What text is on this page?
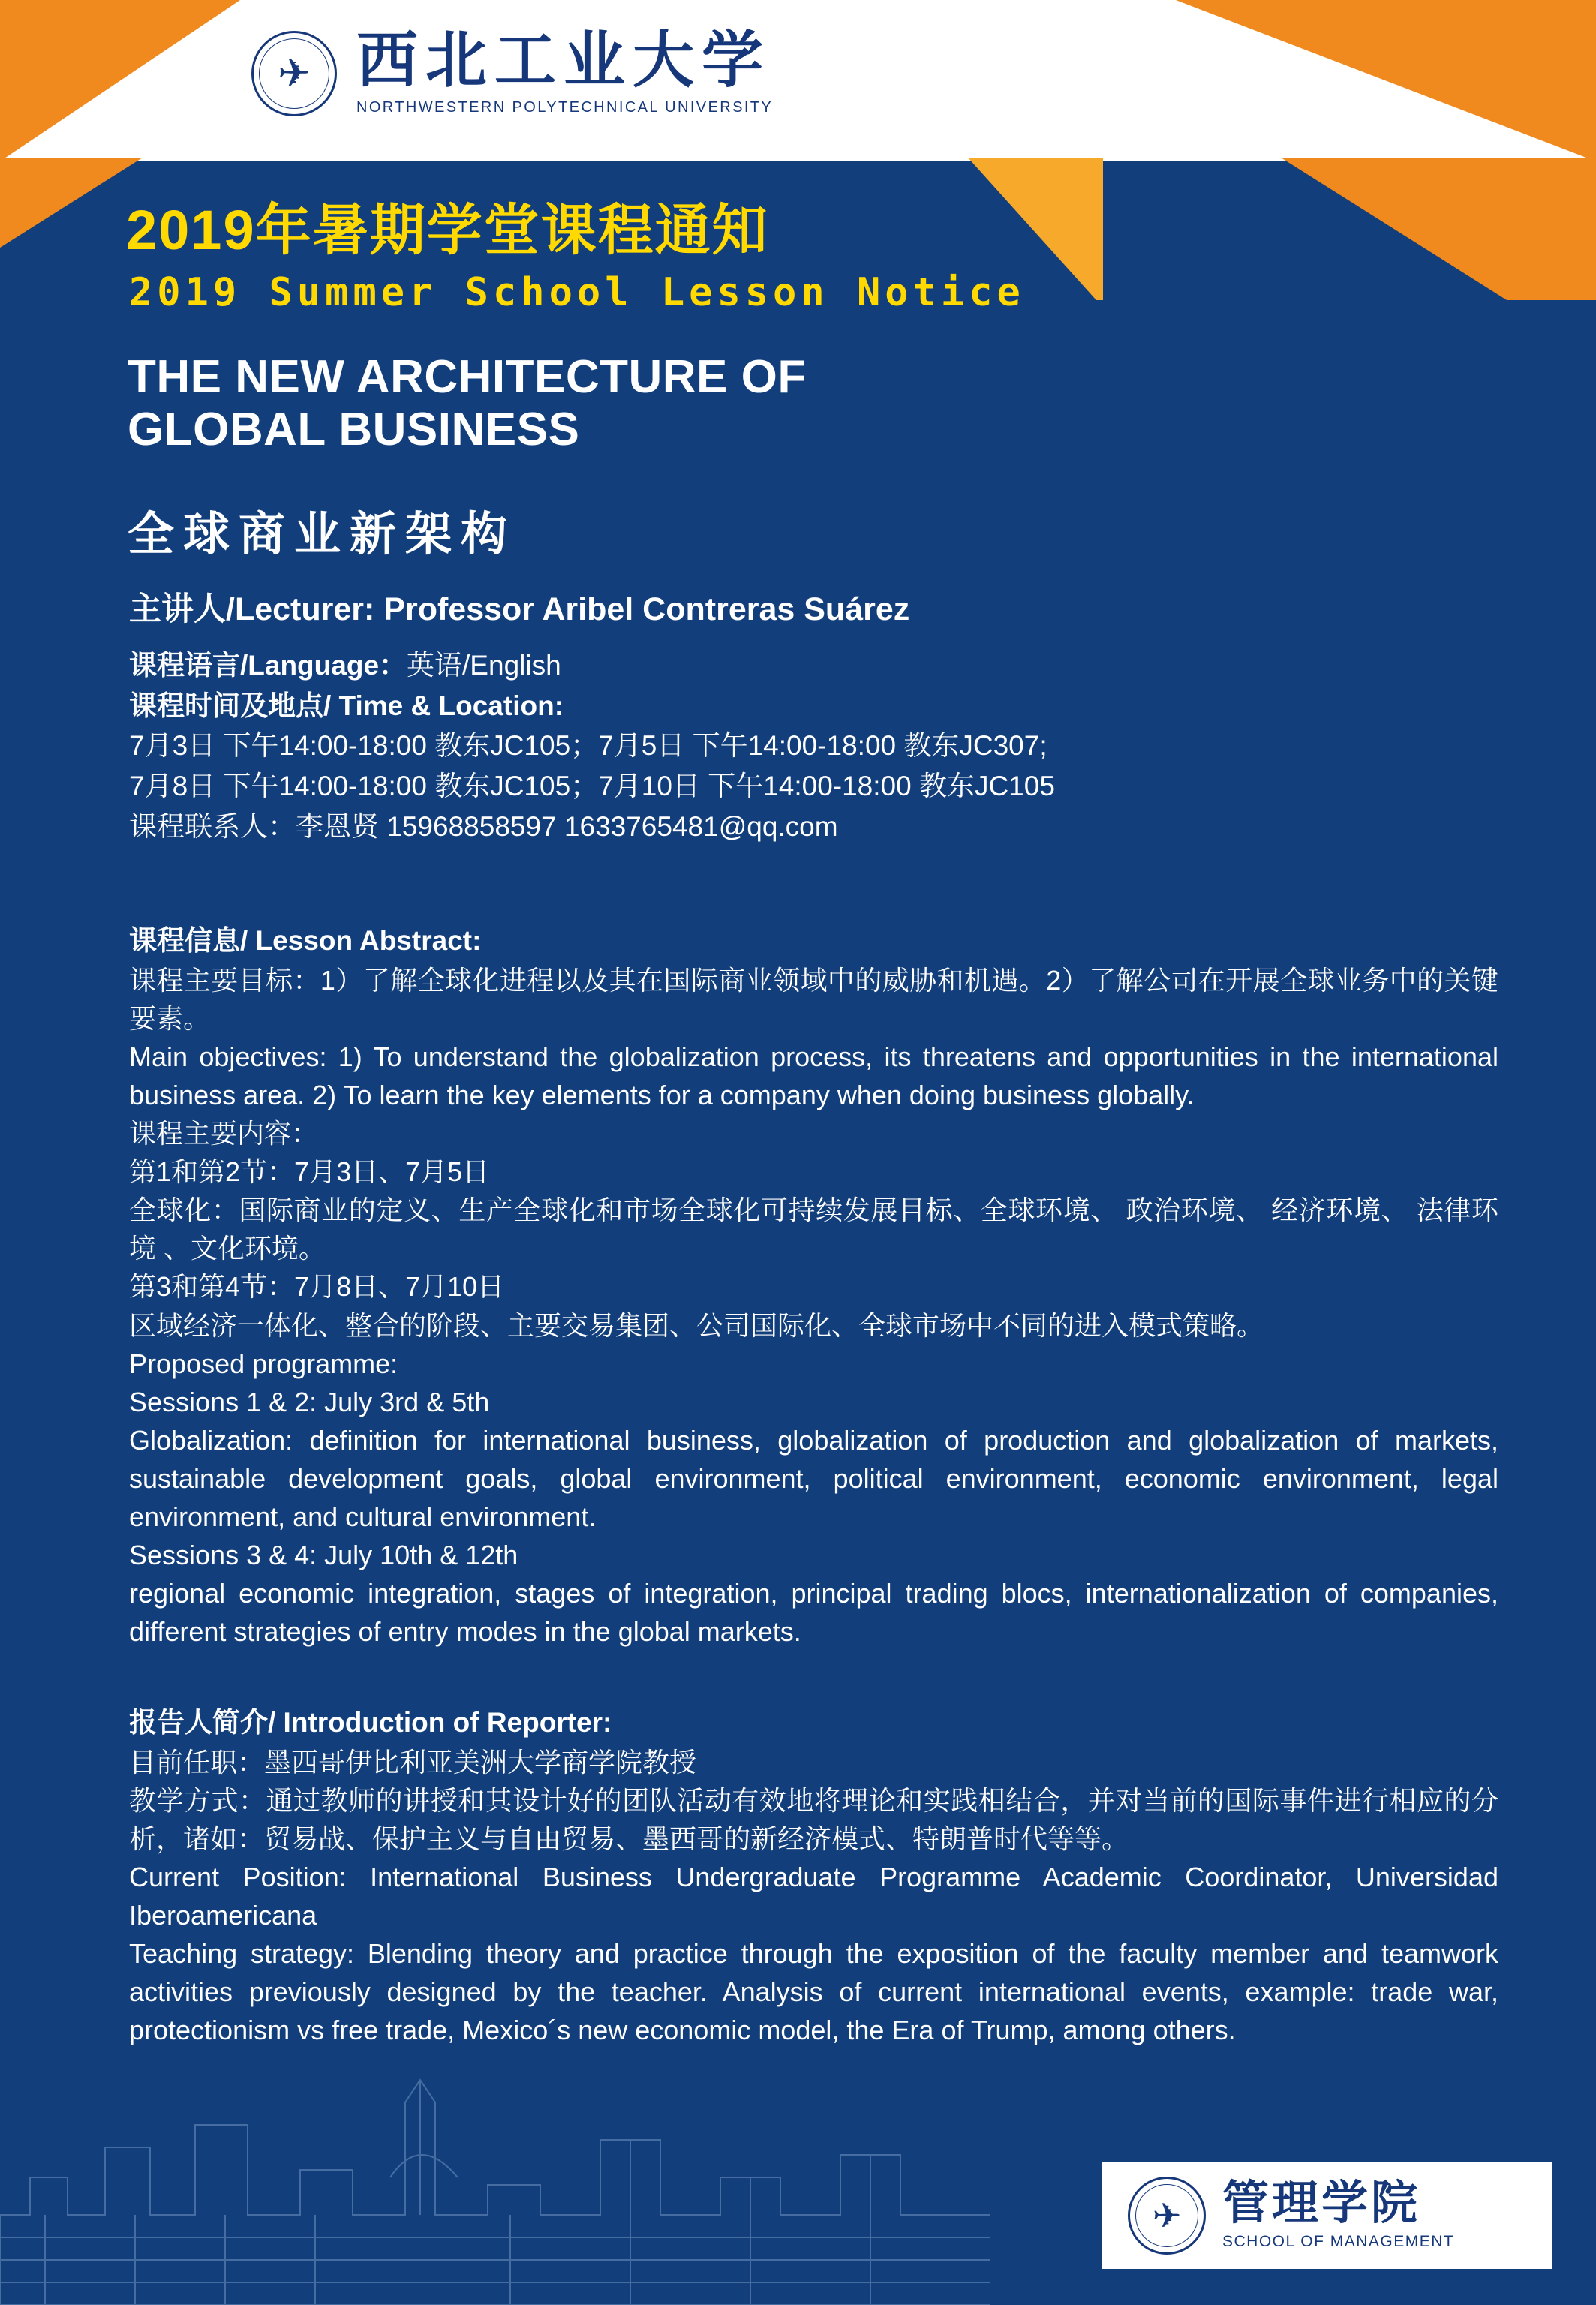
✈ 西北工业大学
NORTHWESTERN POLYTECHNICAL UNIVERSITY
2019年暑期学堂课程通知
2019 Summer School Lesson Notice
THE NEW ARCHITECTURE OF
GLOBAL BUSINESS
全球商业新架构
主讲人/Lecturer: Professor Aribel Contreras Suárez
课程语言/Language：英语/English
课程时间及地点/ Time & Location:
7月3日 下午14:00-18:00 教东JC105；7月5日 下午14:00-18:00 教东JC307;
7月8日 下午14:00-18:00 教东JC105；7月10日 下午14:00-18:00 教东JC105
课程联系人：李恩贤 15968858597 1633765481@qq.com

课程信息/ Lesson Abstract:

课程主要目标：1）了解全球化进程以及其在国际商业领域中的威胁和机遇。2）了解公司在开展全球业务中的关键要素。

Main objectives: 1) To understand the globalization process, its threatens and opportunities in the international business area. 2) To learn the key elements for a company when doing business globally.

课程主要内容：

第1和第2节：7月3日、7月5日

全球化：国际商业的定义、生产全球化和市场全球化可持续发展目标、全球环境、 政治环境、 经济环境、 法律环境 、文化环境。

第3和第4节：7月8日、7月10日

区域经济一体化、整合的阶段、主要交易集团、公司国际化、全球市场中不同的进入模式策略。

Proposed programme:

Sessions 1 & 2: July 3rd & 5th

Globalization: definition for international business, globalization of production and globalization of markets, sustainable development goals, global environment, political environment, economic environment, legal environment, and cultural environment.

Sessions 3 & 4: July 10th & 12th

regional economic integration, stages of integration, principal trading blocs, internationalization of companies, different strategies of entry modes in the global markets.

报告人简介/ Introduction of Reporter:

目前任职：墨西哥伊比利亚美洲大学商学院教授

教学方式：通过教师的讲授和其设计好的团队活动有效地将理论和实践相结合，并对当前的国际事件进行相应的分析，诸如：贸易战、保护主义与自由贸易、墨西哥的新经济模式、特朗普时代等等。

Current Position: International Business Undergraduate Programme Academic Coordinator, Universidad Iberoamericana

Teaching strategy: Blending theory and practice through the exposition of the faculty member and teamwork activities previously designed by the teacher. Analysis of current international events, example: trade war, protectionism vs free trade, Mexico´s new economic model, the Era of Trump, among others.

✈ 管理学院
SCHOOL OF MANAGEMENT
